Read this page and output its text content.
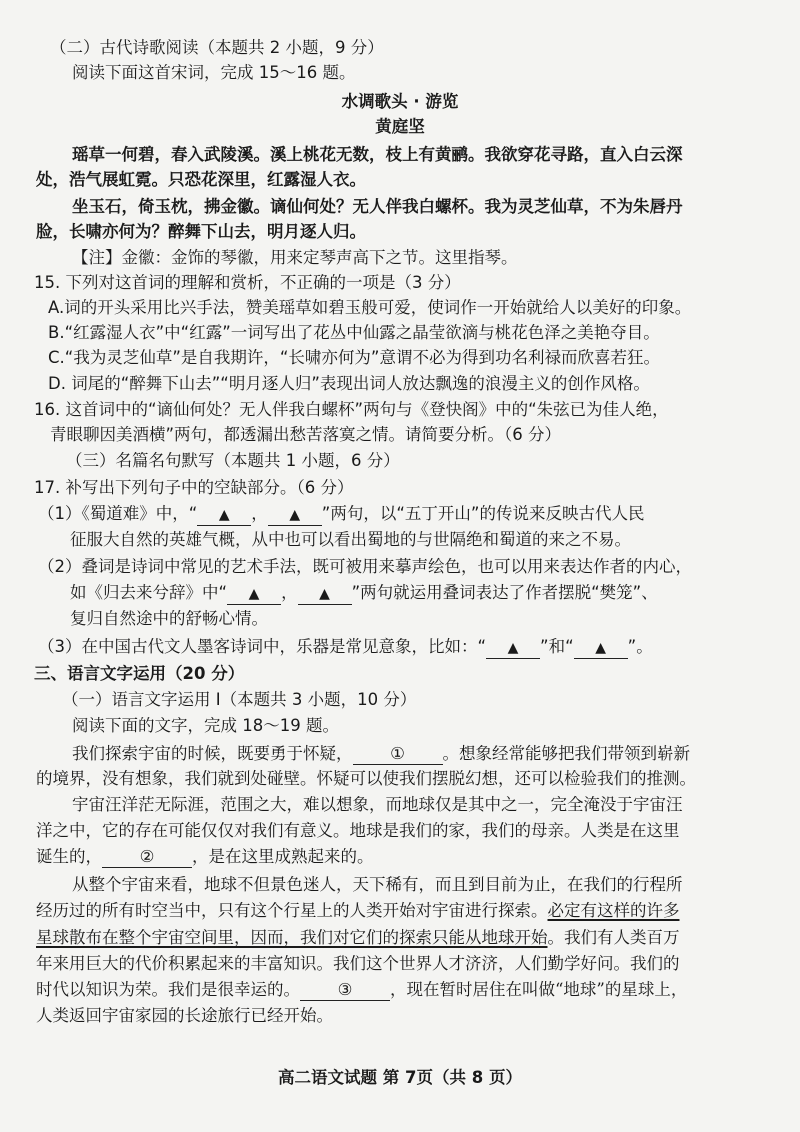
（二）古代诗歌阅读（本题共 2 小题，9 分）
阅读下面这首宋词，完成 15～16 题。
水调歌头 · 游览
黄庭坚
瑶草一何碧，春入武陵溪。溪上桃花无数，枝上有黄鹂。我欲穿花寻路，直入白云深
处，浩气展虹霓。只恐花深里，红露湿人衣。
坐玉石，倚玉枕，拂金徽。谪仙何处？无人伴我白螺杯。我为灵芝仙草，不为朱唇丹
脸，长啸亦何为？醉舞下山去，明月逐人归。
【注】金徽：金饰的琴徽，用来定琴声高下之节。这里指琴。
15. 下列对这首词的理解和赏析，不正确的一项是（3 分）
A.词的开头采用比兴手法，赞美瑶草如碧玉般可爱，使词作一开始就给人以美好的印象。
B.“红露湿人衣”中“红露”一词写出了花丛中仙露之晶莹欲滴与桃花色泽之美艳夺目。
C.“我为灵芝仙草”是自我期许，“长啸亦何为”意谓不必为得到功名利禄而欣喜若狂。
D. 词尾的“醉舞下山去”“明月逐人归”表现出词人放达飘逸的浪漫主义的创作风格。
16. 这首词中的“谪仙何处？无人伴我白螺杯”两句与《登快阁》中的“朱弦已为佳人绝，
青眼聊因美酒横”两句，都透漏出愁苦落寞之情。请简要分析。（6 分）
（三）名篇名句默写（本题共 1 小题，6 分）
17. 补写出下列句子中的空缺部分。（6 分）
（1）《蜀道难》中，“ ▲ ， ▲ ”两句，以“五丁开山”的传说来反映古代人民
征服大自然的英雄气概，从中也可以看出蜀地的与世隔绝和蜀道的来之不易。
（2）叠词是诗词中常见的艺术手法，既可被用来摹声绘色，也可以用来表达作者的内心，
如《归去来兮辞》中“ ▲ ， ▲ ”两句就运用叠词表达了作者摆脱“樊笼”、
复归自然途中的舒畅心情。
（3）在中国古代文人墨客诗词中，乐器是常见意象，比如：“ ▲ ”和“ ▲ ”。
三、语言文字运用（20 分）
（一）语言文字运用 I（本题共 3 小题，10 分）
阅读下面的文字，完成 18～19 题。
我们探索宇宙的时候，既要勇于怀疑， ① 。想象经常能够把我们带领到崭新
的境界，没有想象，我们就到处碰壁。怀疑可以使我们摆脱幻想，还可以检验我们的推测。
宇宙汪洋茫无际涯，范围之大，难以想象，而地球仅是其中之一，完全淹没于宇宙汪
洋之中，它的存在可能仅仅对我们有意义。地球是我们的家，我们的母亲。人类是在这里
诞生的， ② ，是在这里成熟起来的。
从整个宇宙来看，地球不但景色迷人，天下稀有，而且到目前为止，在我们的行程所
经历过的所有时空当中，只有这个行星上的人类开始对宇宙进行探索。必定有这样的许多
星球散布在整个宇宙空间里，因而，我们对它们的探索只能从地球开始。我们有人类百万
年来用巨大的代价积累起来的丰富知识。我们这个世界人才济济，人们勤学好问。我们的
时代以知识为荣。我们是很幸运的。 ③ ，现在暂时居住在叫做“地球”的星球上，
人类返回宇宙家园的长途旅行已经开始。
高二语文试题 第 7页（共 8 页）
